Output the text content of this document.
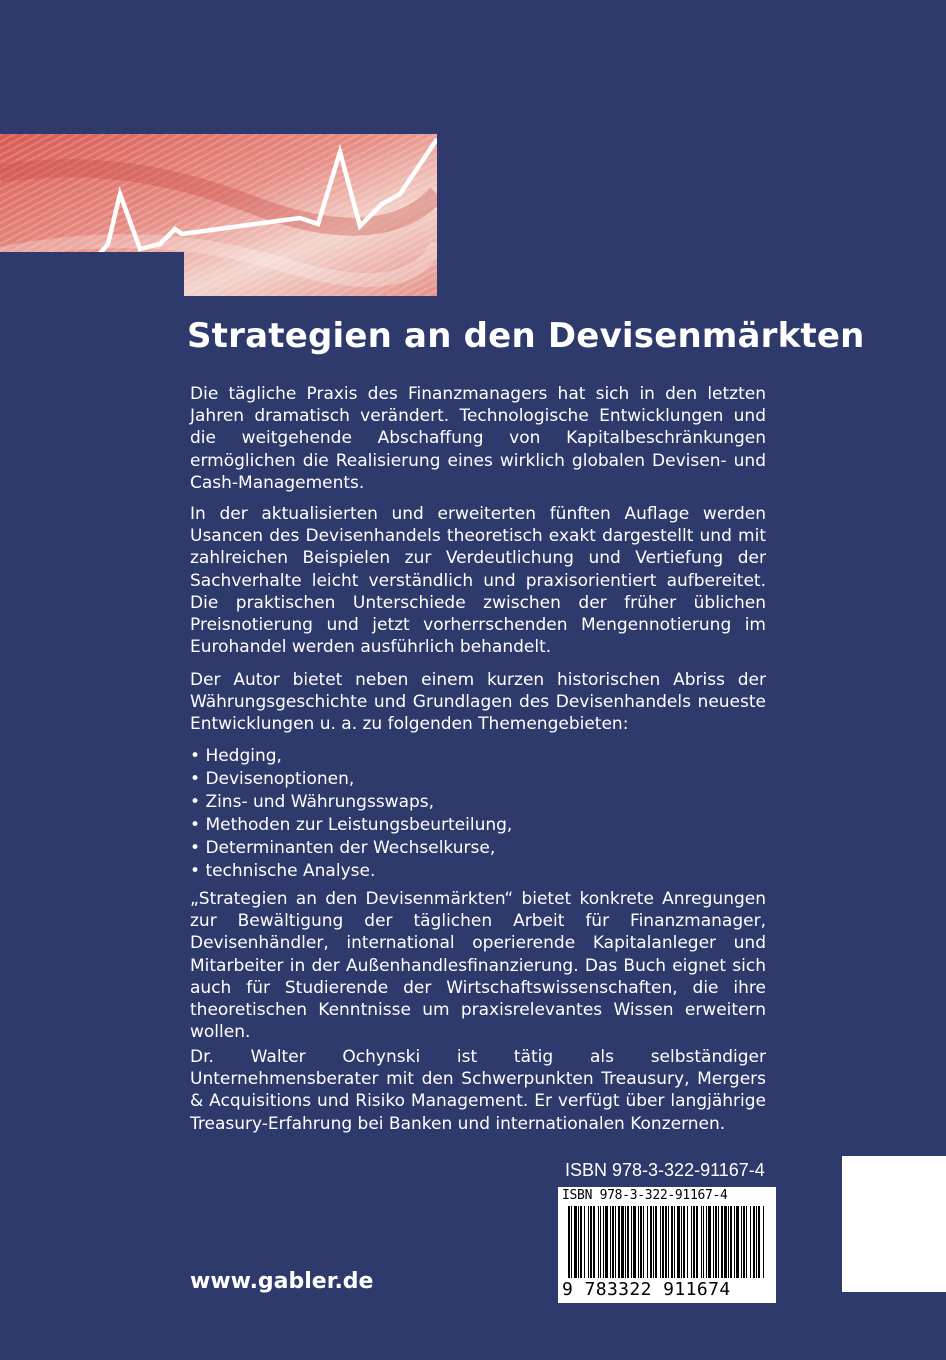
Strategien an den Devisenmärkten

Die tägliche Praxis des Finanzmanagers hat sich in den letzten Jahren dramatisch verändert. Technologische Entwicklungen und die weitgehende Abschaffung von Kapitalbeschränkungen ermöglichen die Realisierung eines wirklich globalen Devisen- und Cash-Managements.

In der aktualisierten und erweiterten fünften Auflage werden Usancen des Devisenhandels theoretisch exakt dargestellt und mit zahlreichen Beispielen zur Verdeutlichung und Vertiefung der Sachverhalte leicht verständlich und praxisorientiert aufbereitet. Die praktischen Unterschiede zwischen der früher üblichen Preisnotierung und jetzt vorherrschenden Mengennotierung im Eurohandel werden ausführlich behandelt.

Der Autor bietet neben einem kurzen historischen Abriss der Währungsgeschichte und Grundlagen des Devisenhandels neueste Entwicklungen u. a. zu folgenden Themengebieten:

• Hedging,
• Devisenoptionen,
• Zins- und Währungsswaps,
• Methoden zur Leistungsbeurteilung,
• Determinanten der Wechselkurse,
• technische Analyse.

„Strategien an den Devisenmärkten“ bietet konkrete Anregungen zur Bewältigung der täglichen Arbeit für Finanzmanager, Devisenhändler, international operierende Kapitalanleger und Mitarbeiter in der Außenhandlesfinanzierung. Das Buch eignet sich auch für Studierende der Wirtschaftswissenschaften, die ihre theoretischen Kenntnisse um praxisrelevantes Wissen erweitern wollen.

Dr. Walter Ochynski ist tätig als selbständiger Unternehmensberater mit den Schwerpunkten Treausury, Mergers & Acquisitions und Risiko Management. Er verfügt über langjährige Treasury-Erfahrung bei Banken und internationalen Konzernen.

ISBN 978-3-322-91167-4
ISBN 978-3-322-91167-4
9 783322 911674
www.gabler.de
